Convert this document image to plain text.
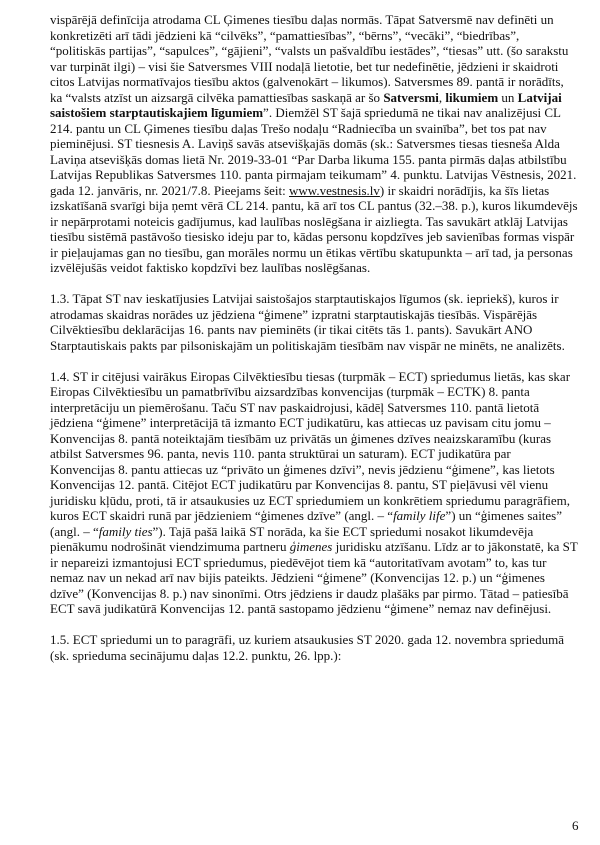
vispārējā definīcija atrodama CL Ģimenes tiesību daļas normās. Tāpat Satversmē nav definēti un konkretizēti arī tādi jēdzieni kā “cilvēks”, “pamattiesības”, “bērns”, “vecāki”, “biedrības”, “politiskās partijas”, “sapulces”, “gājieni”, “valsts un pašvaldību iestādes”, “tiesas” utt. (šo sarakstu var turpināt ilgi) – visi šie Satversmes VIII nodaļā lietotie, bet tur nedefinētie, jēdzieni ir skaidroti citos Latvijas normatīvajos tiesību aktos (galvenokārt – likumos). Satversmes 89. pantā ir norādīts, ka “valsts atzīst un aizsargā cilvēka pamattiesības saskaņā ar šo Satversmi, likumiem un Latvijai saistošiem starptautiskajiem līgumiem”. Diemžēl ST šajā spriedumā ne tikai nav analizējusi CL 214. pantu un CL Ģimenes tiesību daļas Trešo nodaļu “Radniecība un svainība”, bet tos pat nav pieminējusi. ST tiesnesis A. Laviņš savās atsevišķajās domās (sk.: Satversmes tiesas tiesneša Alda Laviņa atsevišķās domas lietā Nr. 2019-33-01 “Par Darba likuma 155. panta pirmās daļas atbilstību Latvijas Republikas Satversmes 110. panta pirmajam teikumam” 4. punktu. Latvijas Vēstnesis, 2021. gada 12. janvāris, nr. 2021/7.8. Pieejams šeit: www.vestnesis.lv) ir skaidri norādījis, ka šīs lietas izskatīšanā svarīgi bija ņemt vērā CL 214. pantu, kā arī tos CL pantus (32.–38. p.), kuros likumdevējs ir nepārprotami noteicis gadījumus, kad laulības noslēgšana ir aizliegta. Tas savukārt atklāj Latvijas tiesību sistēmā pastāvošo tiesisko ideju par to, kādas personu kopdzīves jeb savienības formas vispār ir pieļaujamas gan no tiesību, gan morāles normu un ētikas vērtību skatupunkta – arī tad, ja personas izvēlējušās veidot faktisko kopdzīvi bez laulības noslēgšanas.

1.3. Tāpat ST nav ieskatījusies Latvijai saistošajos starptautiskajos līgumos (sk. iepriekš), kuros ir atrodamas skaidras norādes uz jēdziena “ģimene” izpratni starptautiskajās tiesībās. Vispārējās Cilvēktiesību deklarācijas 16. pants nav pieminēts (ir tikai citēts tās 1. pants). Savukārt ANO Starptautiskais pakts par pilsoniskajām un politiskajām tiesībām nav vispār ne minēts, ne analizēts.

1.4. ST ir citējusi vairākus Eiropas Cilvēktiesību tiesas (turpmāk – ECT) spriedumus lietās, kas skar Eiropas Cilvēktiesību un pamatbrīvību aizsardzības konvencijas (turpmāk – ECTK) 8. panta interpretāciju un piemērošanu. Taču ST nav paskaidrojusi, kādēļ Satversmes 110. pantā lietotā jēdziena “ģimene” interpretācijā tā izmanto ECT judikatūru, kas attiecas uz pavisam citu jomu – Konvencijas 8. pantā noteiktajām tiesībām uz privātās un ģimenes dzīves neaizskaramību (kuras atbilst Satversmes 96. panta, nevis 110. panta struktūrai un saturam). ECT judikatūra par Konvencijas 8. pantu attiecas uz “privāto un ģimenes dzīvi”, nevis jēdzienu “ģimene”, kas lietots Konvencijas 12. pantā. Citējot ECT judikatūru par Konvencijas 8. pantu, ST pieļāvusi vēl vienu juridisku kļūdu, proti, tā ir atsaukusies uz ECT spriedumiem un konkrētiem spriedumu paragrāfiem, kuros ECT skaidri runā par jēdzieniem “ģimenes dzīve” (angl. – “family life”) un “ģimenes saites” (angl. – “family ties”). Tajā pašā laikā ST norāda, ka šie ECT spriedumi nosakot likumdevēja pienākumu nodrošināt viendzimuma partneru ģimenes juridisku atzīšanu. Līdz ar to jākonstatē, ka ST ir nepareizi izmantojusi ECT spriedumus, piedēvējot tiem kā “autoritatīvam avotam” to, kas tur nemaz nav un nekad arī nav bijis pateikts. Jēdzieni “ģimene” (Konvencijas 12. p.) un “ģimenes dzīve” (Konvencijas 8. p.) nav sinonīmi. Otrs jēdziens ir daudz plašāks par pirmo. Tātad – patiesībā ECT savā judikatūrā Konvencijas 12. pantā sastopamo jēdzienu “ģimene” nemaz nav definējusi.

1.5. ECT spriedumi un to paragrāfi, uz kuriem atsaukusies ST 2020. gada 12. novembra spriedumā (sk. sprieduma secinājumu daļas 12.2. punktu, 26. lpp.):

6
